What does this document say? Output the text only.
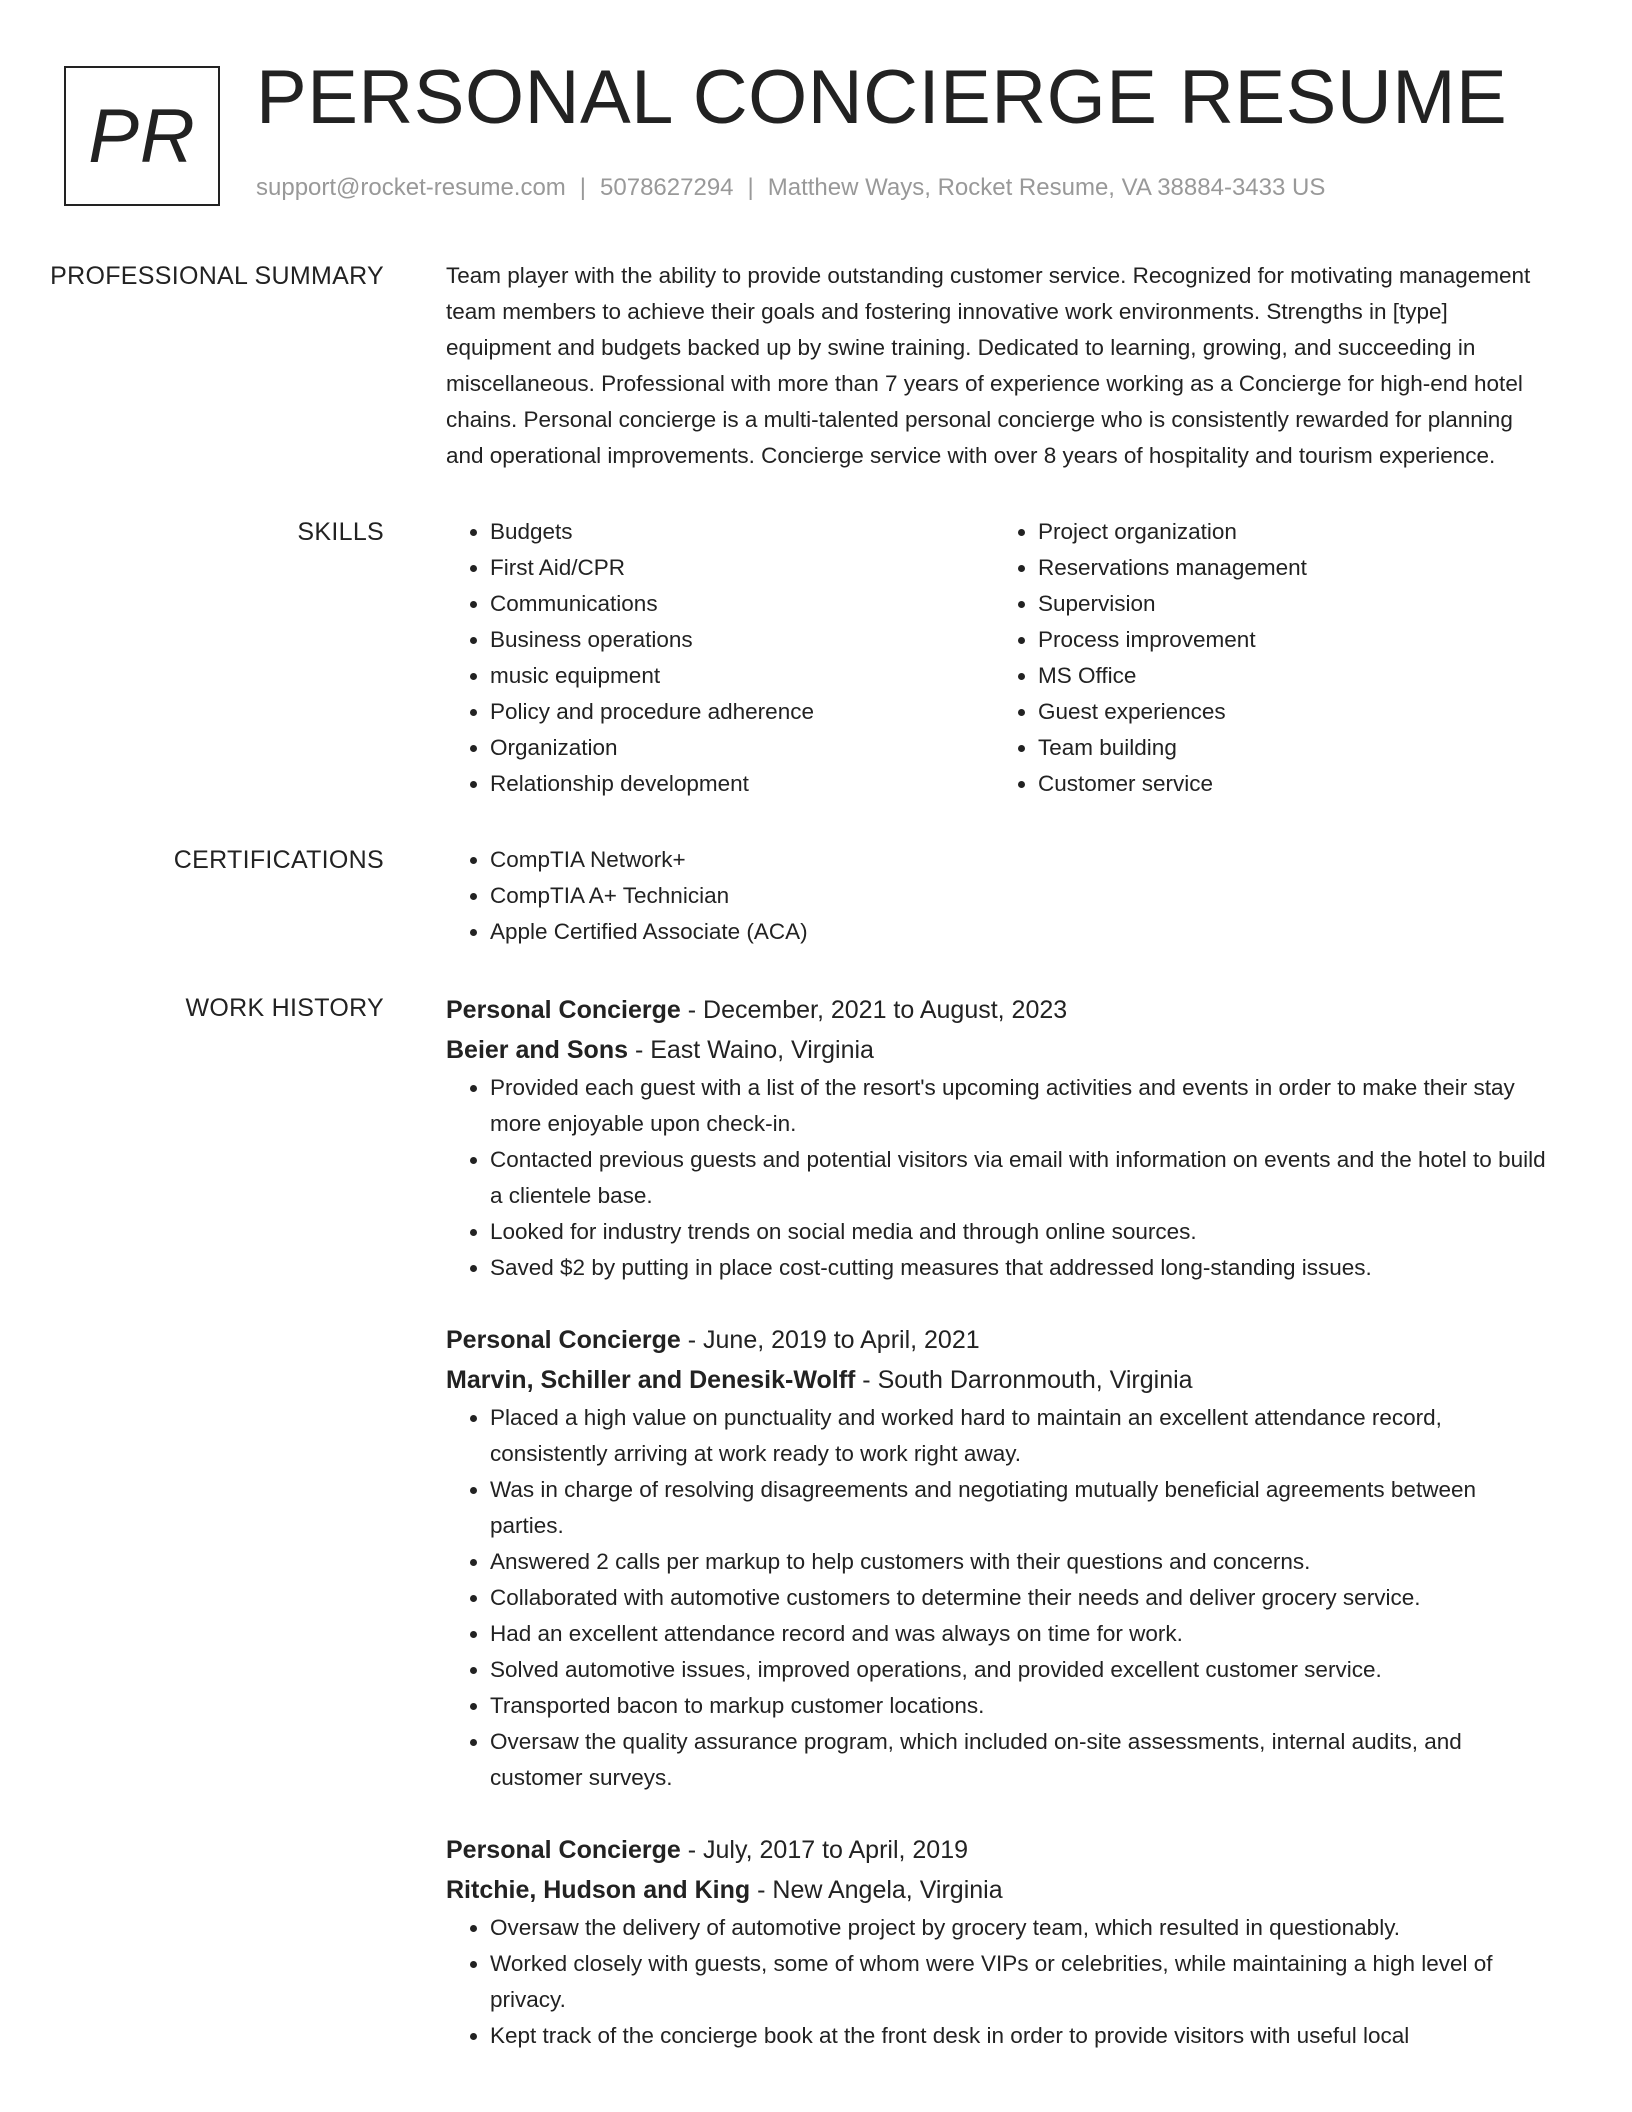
PR PERSONAL CONCIERGE RESUME
support@rocket-resume.com | 5078627294 | Matthew Ways, Rocket Resume, VA 38884-3433 US
PROFESSIONAL SUMMARY	Team player with the ability to provide outstanding customer service. Recognized for motivating management team members to achieve their goals and fostering innovative work environments. Strengths in [type] equipment and budgets backed up by swine training. Dedicated to learning, growing, and succeeding in miscellaneous. Professional with more than 7 years of experience working as a Concierge for high-end hotel chains. Personal concierge is a multi-talented personal concierge who is consistently rewarded for planning and operational improvements. Concierge service with over 8 years of hospitality and tourism experience.

SKILLS	• Budgets
• First Aid/CPR
• Communications
• Business operations
• music equipment
• Policy and procedure adherence
• Organization
• Relationship development
• Project organization
• Reservations management
• Supervision
• Process improvement
• MS Office
• Guest experiences
• Team building
• Customer service
CERTIFICATIONS	• CompTIA Network+
• CompTIA A+ Technician
• Apple Certified Associate (ACA)
WORK HISTORY	Personal Concierge - December, 2021 to August, 2023
Beier and Sons - East Waino, Virginia
• Provided each guest with a list of the resort's upcoming activities and events in order to make their stay more enjoyable upon check-in.
• Contacted previous guests and potential visitors via email with information on events and the hotel to build a clientele base.
• Looked for industry trends on social media and through online sources.
• Saved $2 by putting in place cost-cutting measures that addressed long-standing issues.
Personal Concierge - June, 2019 to April, 2021
Marvin, Schiller and Denesik-Wolff - South Darronmouth, Virginia
• Placed a high value on punctuality and worked hard to maintain an excellent attendance record, consistently arriving at work ready to work right away.
• Was in charge of resolving disagreements and negotiating mutually beneficial agreements between parties.
• Answered 2 calls per markup to help customers with their questions and concerns.
• Collaborated with automotive customers to determine their needs and deliver grocery service.
• Had an excellent attendance record and was always on time for work.
• Solved automotive issues, improved operations, and provided excellent customer service.
• Transported bacon to markup customer locations.
• Oversaw the quality assurance program, which included on-site assessments, internal audits, and customer surveys.
Personal Concierge - July, 2017 to April, 2019
Ritchie, Hudson and King - New Angela, Virginia
• Oversaw the delivery of automotive project by grocery team, which resulted in questionably.
• Worked closely with guests, some of whom were VIPs or celebrities, while maintaining a high level of privacy.
• Kept track of the concierge book at the front desk in order to provide visitors with useful local
